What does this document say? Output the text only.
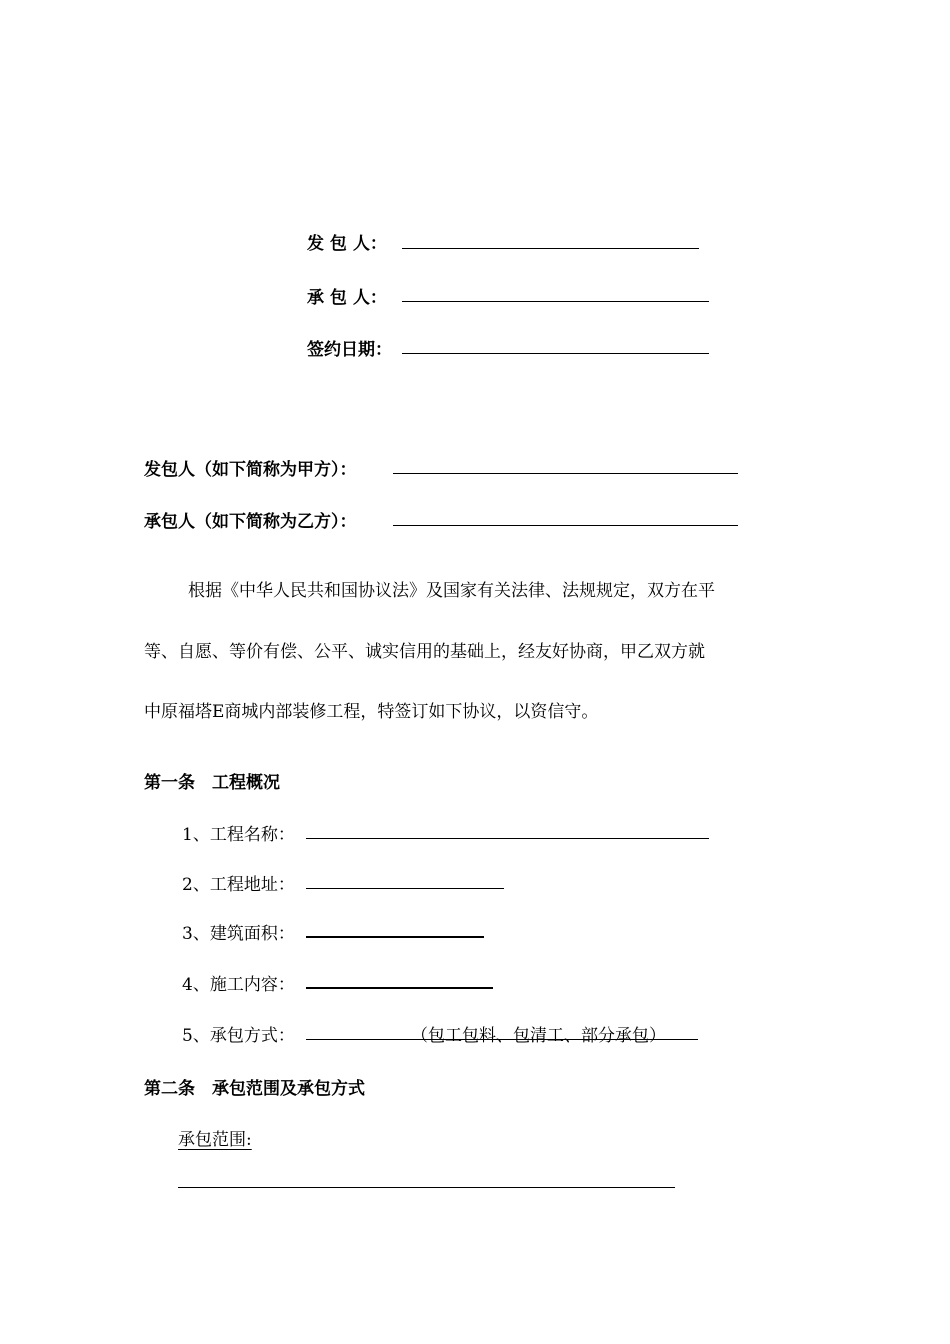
发 包 人：
承 包 人：
签约日期：
发包人（如下简称为甲方）：
承包人（如下简称为乙方）：
根据《中华人民共和国协议法》及国家有关法律、法规规定，双方在平
等、自愿、等价有偿、公平、诚实信用的基础上，经友好协商，甲乙双方就
中原福塔E商城内部装修工程，特签订如下协议，以资信守。
第一条　工程概况
1、工程名称：
2、工程地址：
3、建筑面积：
4、施工内容：
5、承包方式：	（包工包料、包清工、部分承包）
第二条　承包范围及承包方式
承包范围:
